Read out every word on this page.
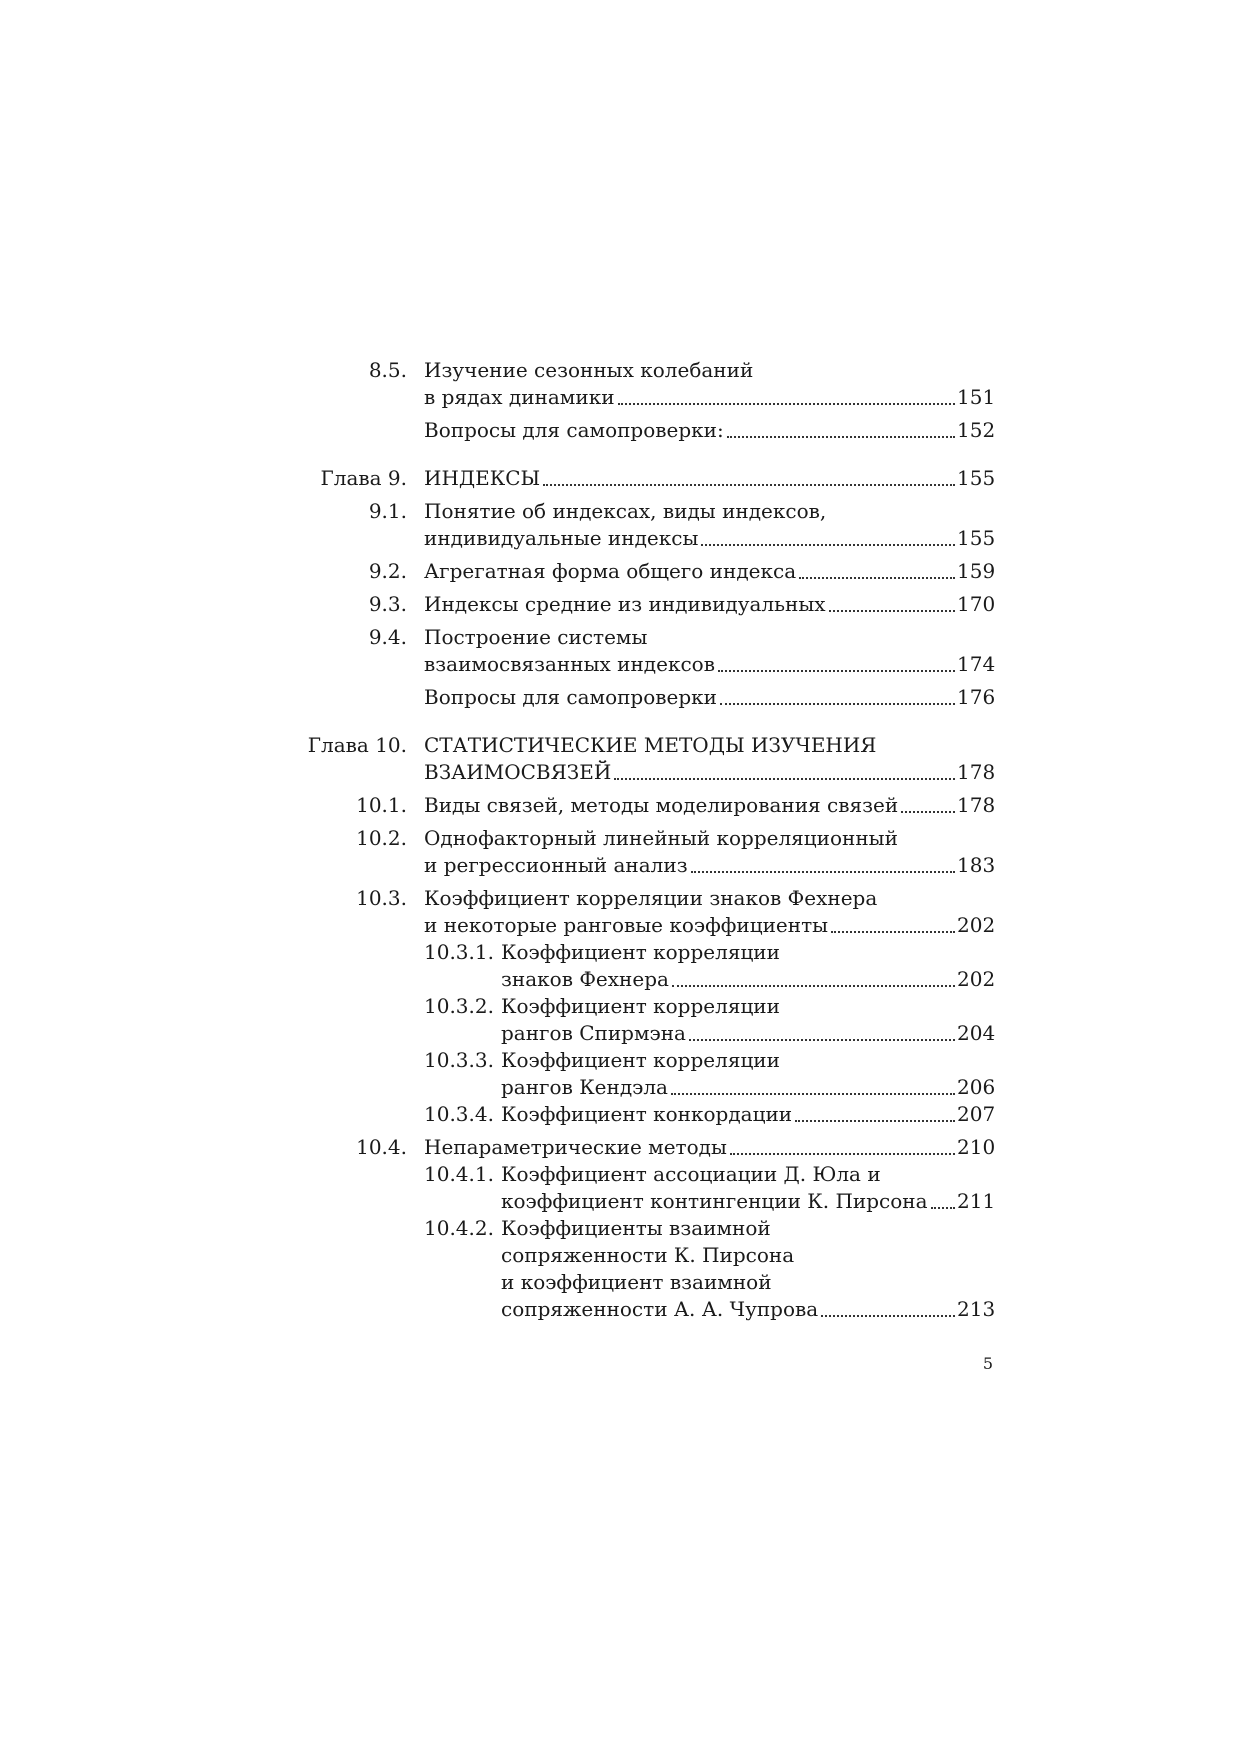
8.5. Изучение сезонных колебаний
в рядах динамики	151
Вопросы для самопроверки:	152
Глава 9. ИНДЕКСЫ	155
9.1. Понятие об индексах, виды индексов,
индивидуальные индексы	155
9.2. Агрегатная форма общего индекса	159
9.3. Индексы средние из индивидуальных	170
9.4. Построение системы
взаимосвязанных индексов	174
Вопросы для самопроверки	176
Глава 10. СТАТИСТИЧЕСКИЕ МЕТОДЫ ИЗУЧЕНИЯ
ВЗАИМОСВЯЗЕЙ	178
10.1. Виды связей, методы моделирования связей	178
10.2. Однофакторный линейный корреляционный
и регрессионный анализ	183
10.3. Коэффициент корреляции знаков Фехнера
и некоторые ранговые коэффициенты	202
10.3.1. Коэффициент корреляции
знаков Фехнера	202
10.3.2. Коэффициент корреляции
рангов Спирмэна	204
10.3.3. Коэффициент корреляции
рангов Кендэла	206
10.3.4. Коэффициент конкордации	207
10.4. Непараметрические методы	210
10.4.1. Коэффициент ассоциации Д. Юла и
коэффициент контингенции К. Пирсона 211
10.4.2. Коэффициенты взаимной
сопряженности К. Пирсона
и коэффициент взаимной
сопряженности А. А. Чупрова	213
5
